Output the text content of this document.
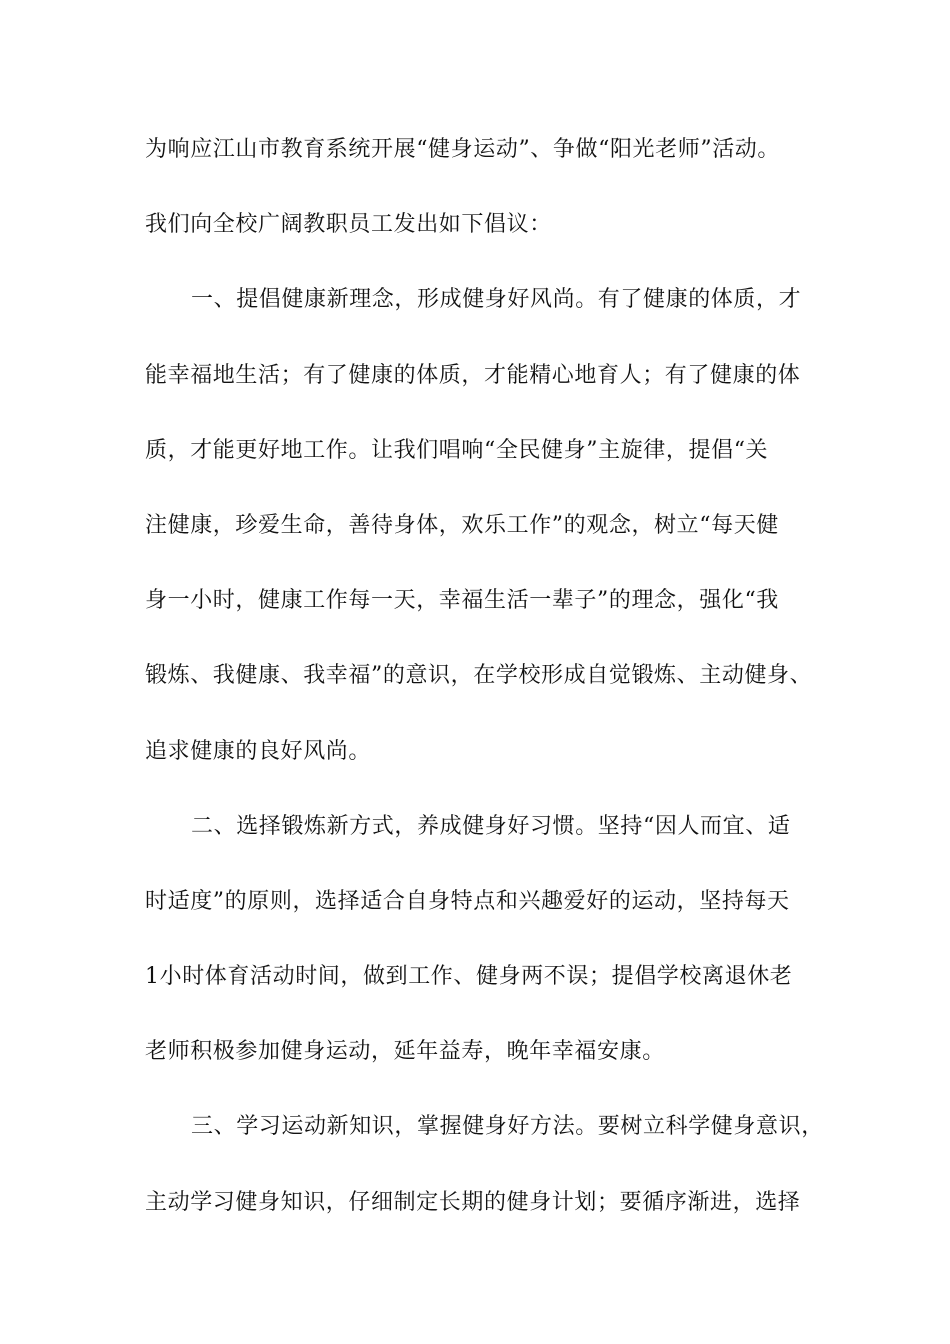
为响应江山市教育系统开展“健身运动”、争做“阳光老师”活动。
我们向全校广阔教职员工发出如下倡议：
一、提倡健康新理念，形成健身好风尚。有了健康的体质，才
能幸福地生活；有了健康的体质，才能精心地育人；有了健康的体
质，才能更好地工作。让我们唱响“全民健身”主旋律，提倡“关
注健康，珍爱生命，善待身体，欢乐工作”的观念，树立“每天健
身一小时，健康工作每一天，幸福生活一辈子”的理念，强化“我
锻炼、我健康、我幸福”的意识，在学校形成自觉锻炼、主动健身、
追求健康的良好风尚。
二、选择锻炼新方式，养成健身好习惯。坚持“因人而宜、适
时适度”的原则，选择适合自身特点和兴趣爱好的运动，坚持每天
1小时体育活动时间，做到工作、健身两不误；提倡学校离退休老
老师积极参加健身运动，延年益寿，晚年幸福安康。
三、学习运动新知识，掌握健身好方法。要树立科学健身意识，
主动学习健身知识，仔细制定长期的健身计划；要循序渐进，选择
